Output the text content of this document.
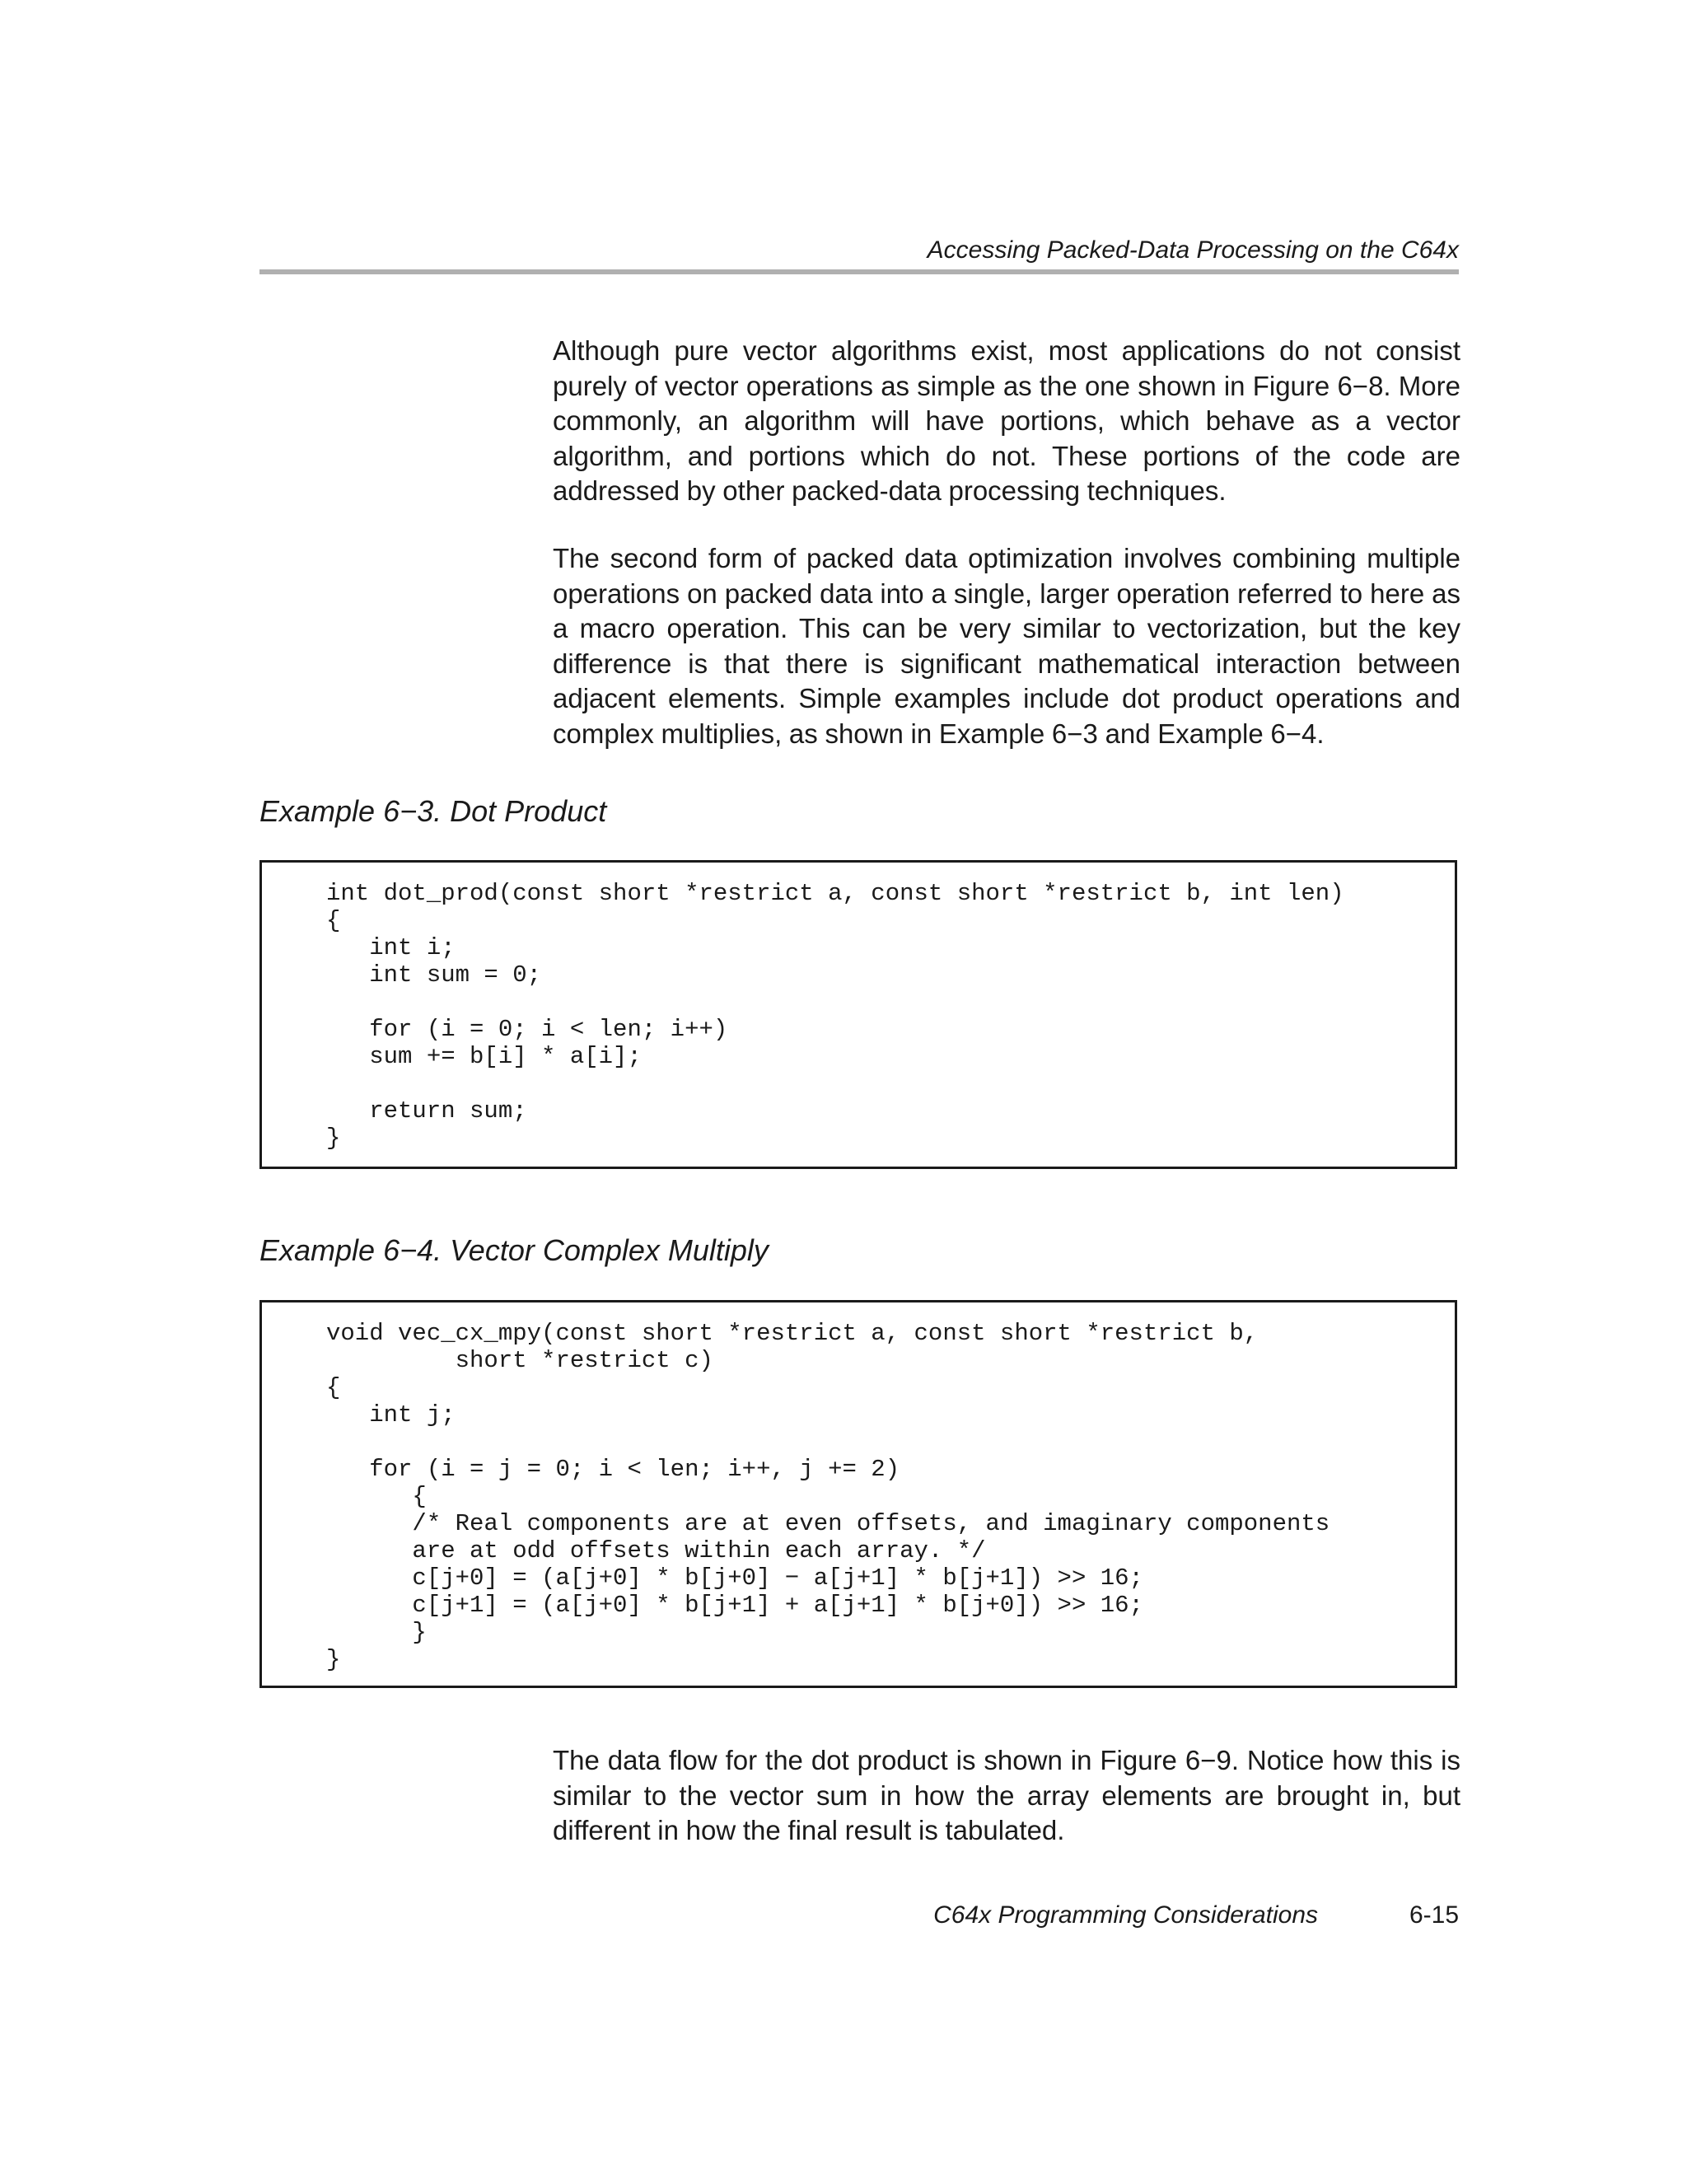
Accessing Packed-Data Processing on the C64x

Although pure vector algorithms exist, most applications do not consist purely of vector operations as simple as the one shown in Figure 6−8. More commonly, an algorithm will have portions, which behave as a vector algorithm, and portions which do not. These portions of the code are addressed by other packed-data processing techniques.

The second form of packed data optimization involves combining multiple operations on packed data into a single, larger operation referred to here as a macro operation. This can be very similar to vectorization, but the key difference is that there is significant mathematical interaction between adjacent elements. Simple examples include dot product operations and complex multiplies, as shown in Example 6−3 and Example 6−4.

Example 6−3. Dot Product
int dot_prod(const short *restrict a, const short *restrict b, int len)
{
int i;
int sum = 0;

for (i = 0; i < len; i++)
sum += b[i] * a[i];

return sum;
}
Example 6−4. Vector Complex Multiply
void vec_cx_mpy(const short *restrict a, const short *restrict b,
short *restrict c)
{
int j;

for (i = j = 0; i < len; i++, j += 2)
{
/* Real components are at even offsets, and imaginary components
are at odd offsets within each array. */
c[j+0] = (a[j+0] * b[j+0] − a[j+1] * b[j+1]) >> 16;
c[j+1] = (a[j+0] * b[j+1] + a[j+1] * b[j+0]) >> 16;
}
}

The data flow for the dot product is shown in Figure 6−9. Notice how this is similar to the vector sum in how the array elements are brought in, but different in how the final result is tabulated.

C64x Programming Considerations	6-15
